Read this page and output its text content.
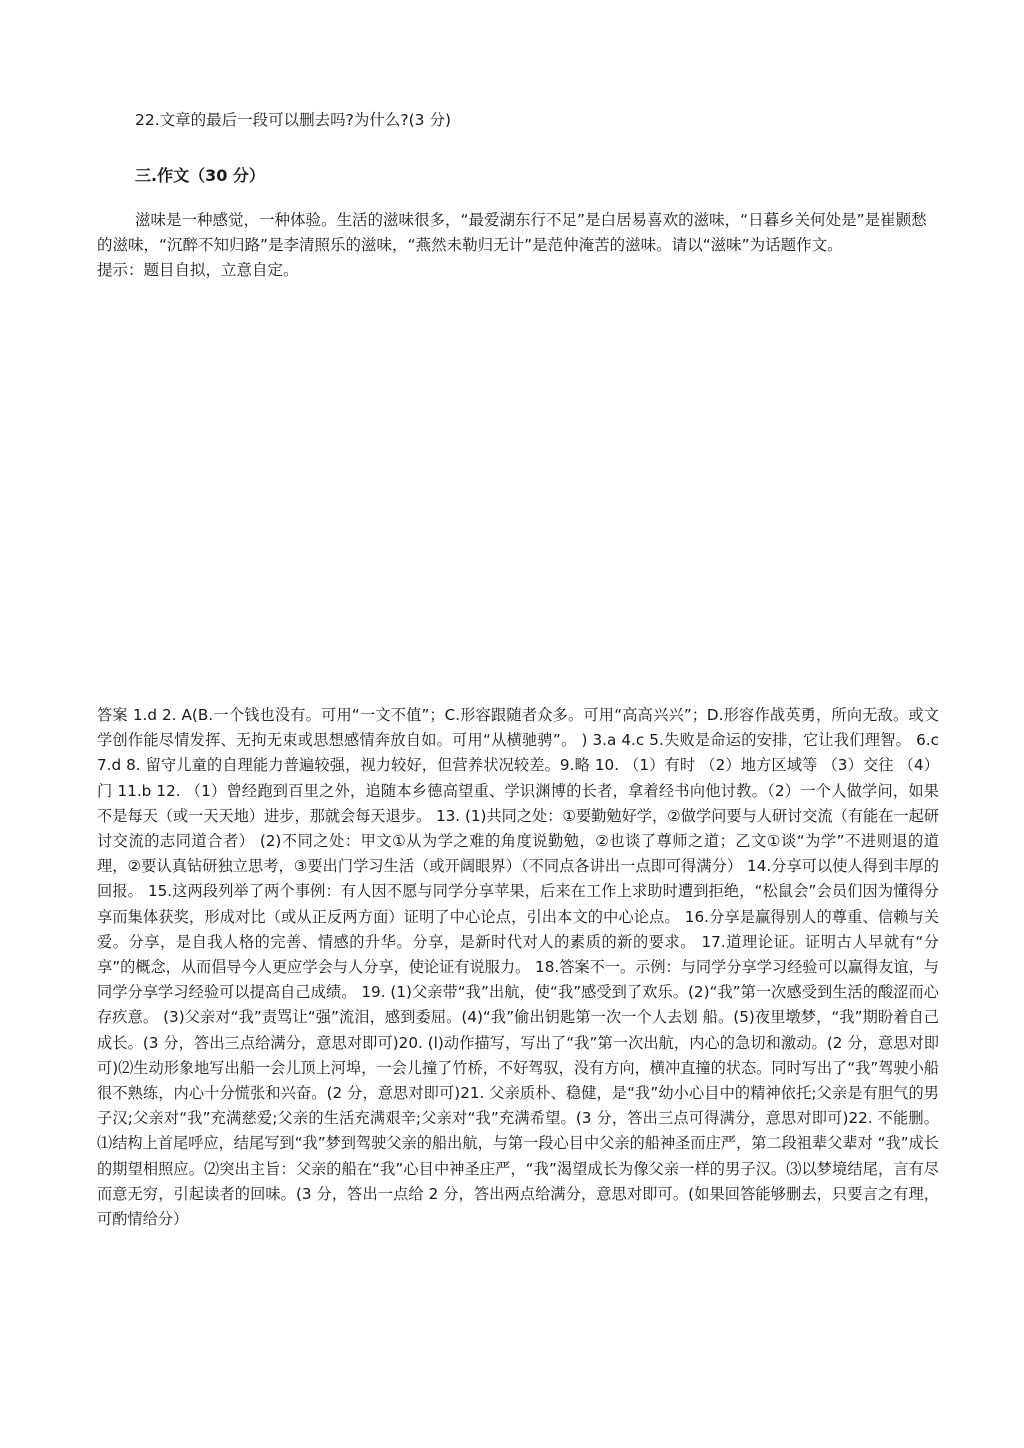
22.文章的最后一段可以删去吗?为什么?(3 分)
三.作文（30 分）

滋味是一种感觉，一种体验。生活的滋味很多，“最爱湖东行不足”是白居易喜欢的滋味，“日暮乡关何处是”是崔颢愁的滋味，“沉醉不知归路”是李清照乐的滋味，“燕然未勒归无计”是范仲淹苦的滋味。请以“滋味”为话题作文。

提示：题目自拟，立意自定。

答案 1.d 2. A(B.一个钱也没有。可用“一文不值”；C.形容跟随者众多。可用“高高兴兴”；D.形容作战英勇，所向无敌。或文学创作能尽情发挥、无拘无束或思想感情奔放自如。可用“从横驰骋”。 ) 3.a 4.c 5.失败是命运的安排，它让我们理智。 6.c 7.d 8. 留守儿童的自理能力普遍较强，视力较好，但营养状况较差。9.略 10. （1）有时 （2）地方区域等 （3）交往 （4）门 11.b 12. （1）曾经跑到百里之外，追随本乡德高望重、学识渊博的长者，拿着经书向他讨教。（2）一个人做学问，如果不是每天（或一天天地）进步，那就会每天退步。 13. (1)共同之处：①要勤勉好学，②做学问要与人研讨交流（有能在一起研讨交流的志同道合者） (2)不同之处：甲文①从为学之难的角度说勤勉，②也谈了尊师之道；乙文①谈“为学”不进则退的道理，②要认真钻研独立思考，③要出门学习生活（或开阔眼界）（不同点各讲出一点即可得满分） 14.分享可以使人得到丰厚的回报。 15.这两段列举了两个事例：有人因不愿与同学分享苹果，后来在工作上求助时遭到拒绝，“松鼠会”会员们因为懂得分享而集体获奖，形成对比（或从正反两方面）证明了中心论点，引出本文的中心论点。 16.分享是赢得别人的尊重、信赖与关爱。分享，是自我人格的完善、情感的升华。分享，是新时代对人的素质的新的要求。 17.道理论证。证明古人早就有“分享”的概念，从而倡导今人更应学会与人分享，使论证有说服力。 18.答案不一。示例：与同学分享学习经验可以赢得友谊，与同学分享学习经验可以提高自己成绩。 19. (1)父亲带“我”出航，使“我”感受到了欢乐。(2)“我”第一次感受到生活的酸涩而心存疚意。 (3)父亲对“我”责骂让“强”流泪，感到委屈。(4)“我”偷出钥匙第一次一个人去划 船。(5)夜里墩梦，“我”期盼着自己成长。(3 分，答出三点给满分，意思对即可)20. (l)动作描写，写出了“我”第一次出航，内心的急切和激动。(2 分，意思对即可)⑵生动形象地写出船一会儿顶上河埠，一会儿撞了竹桥，不好驾驭，没有方向，横冲直撞的状态。同时写出了“我”驾驶小船很不熟练，内心十分慌张和兴奋。(2 分，意思对即可)21. 父亲质朴、稳健，是“我”幼小心目中的精神依托;父亲是有胆气的男子汉;父亲对“我”充满慈爱;父亲的生活充满艰辛;父亲对“我”充满希望。(3 分，答出三点可得满分，意思对即可)22. 不能删。⑴结构上首尾呼应，结尾写到“我”梦到驾驶父亲的船出航，与第一段心目中父亲的船神圣而庄严，第二段祖辈父辈对 “我”成长的期望相照应。⑵突出主旨：父亲的船在“我”心目中神圣庄严，“我”渴望成长为像父亲一样的男子汉。⑶以梦境结尾，言有尽而意无穷，引起读者的回味。(3 分，答出一点给 2 分，答出两点给满分，意思对即可。(如果回答能够删去，只要言之有理，可酌情给分）
